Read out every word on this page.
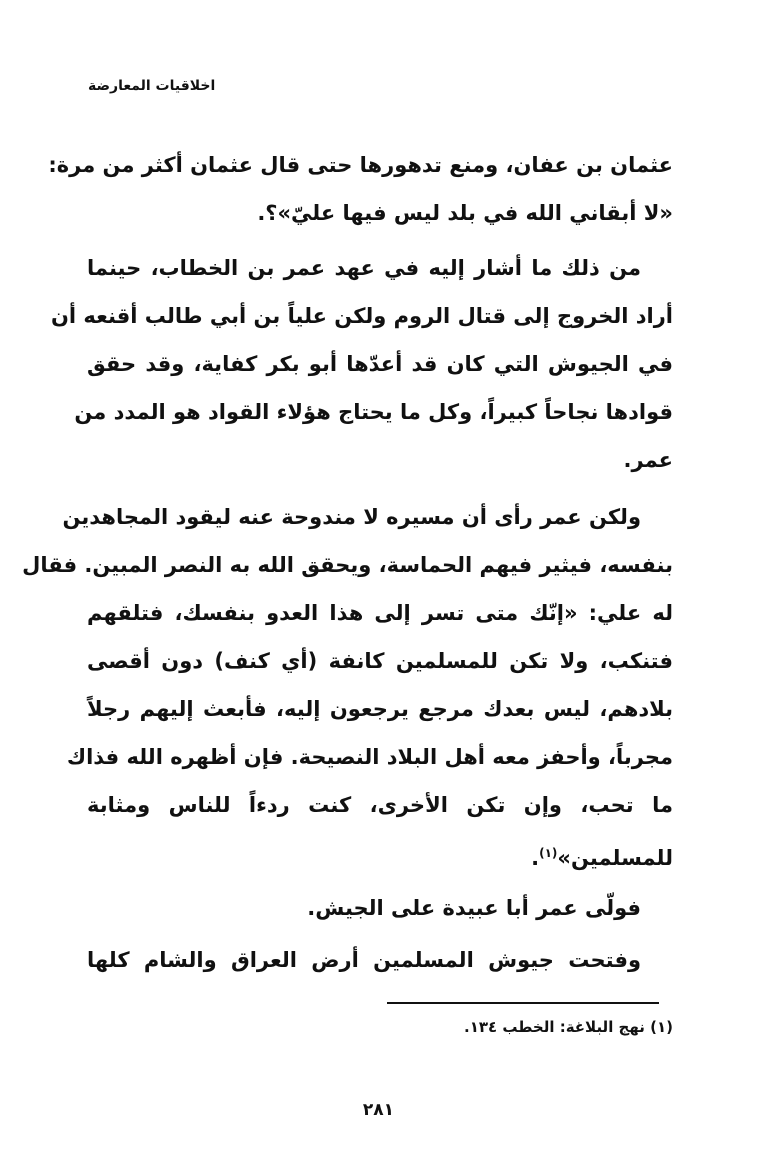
اخلاقيات المعارضة
عثمان بن عفان، ومنع تدهورها حتى قال عثمان أكثر من مرة:
«لا أبقاني الله في بلد ليس فيها عليّ»؟.
من ذلك ما أشار إليه في عهد عمر بن الخطاب، حينما
أراد الخروج إلى قتال الروم ولكن علياً بن أبي طالب أقنعه أن
في الجيوش التي كان قد أعدّها أبو بكر كفاية، وقد حقق
قوادها نجاحاً كبيراً، وكل ما يحتاج هؤلاء القواد هو المدد من
عمر.
ولكن عمر رأى أن مسيره لا مندوحة عنه ليقود المجاهدين
بنفسه، فيثير فيهم الحماسة، ويحقق الله به النصر المبين. فقال
له علي: «إنّك متى تسر إلى هذا العدو بنفسك، فتلقهم
فتنكب، ولا تكن للمسلمين كانفة (أي كنف) دون أقصى
بلادهم، ليس بعدك مرجع يرجعون إليه، فأبعث إليهم رجلاً
مجرباً، وأحفز معه أهل البلاد النصيحة. فإن أظهره الله فذاك
ما تحب، وإن تكن الأخرى، كنت ردءاً للناس ومثابة
للمسلمين»$^{(١)}$.
فولّى عمر أبا عبيدة على الجيش.
وفتحت جيوش المسلمين أرض العراق والشام كلها
(١) نهج البلاغة: الخطب ١٣٤.
٢٨١
